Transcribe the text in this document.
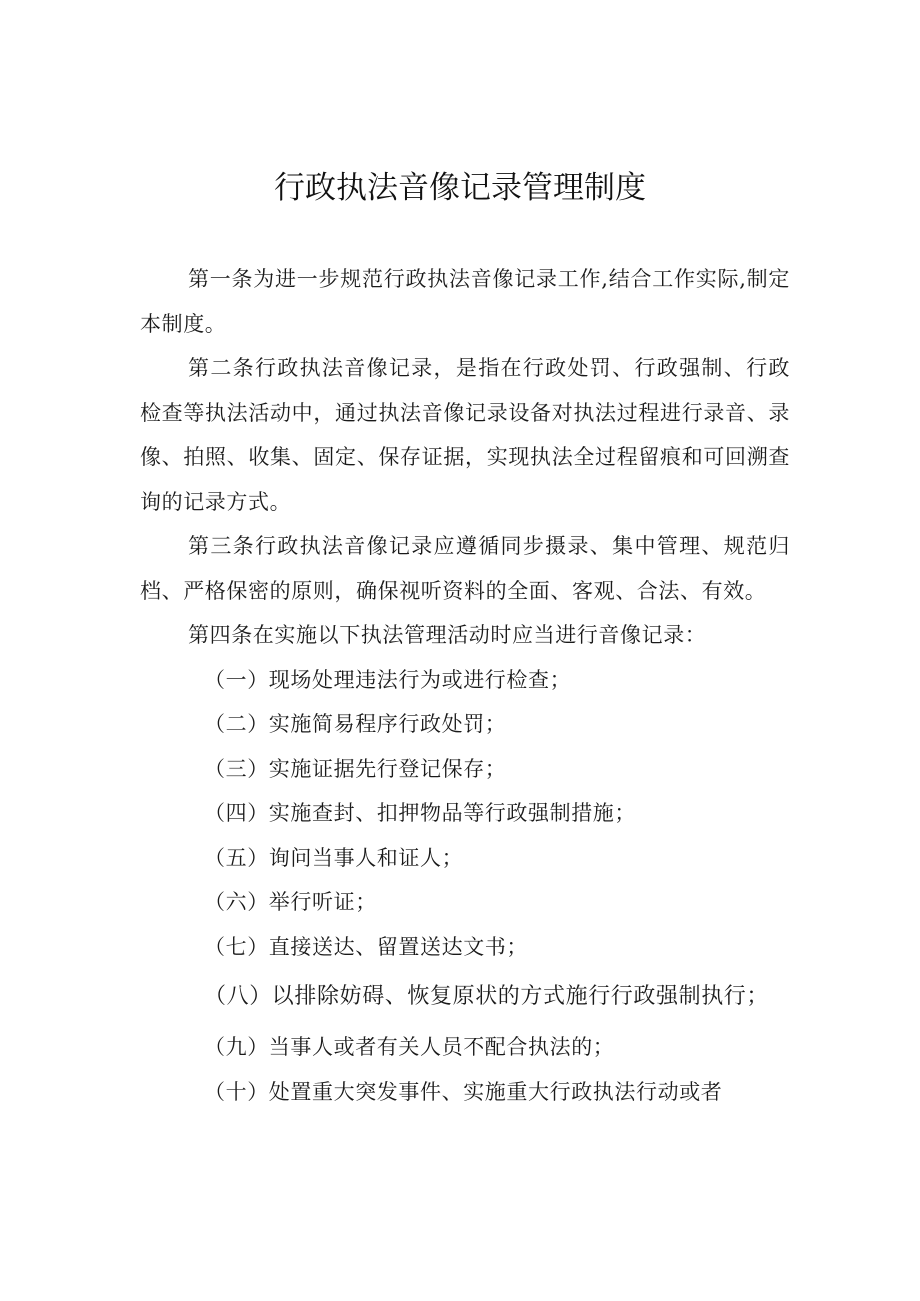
行政执法音像记录管理制度

第一条为进一步规范行政执法音像记录工作,结合工作实际,制定本制度。

第二条行政执法音像记录，是指在行政处罚、行政强制、行政检查等执法活动中，通过执法音像记录设备对执法过程进行录音、录像、拍照、收集、固定、保存证据，实现执法全过程留痕和可回溯查询的记录方式。

第三条行政执法音像记录应遵循同步摄录、集中管理、规范归档、严格保密的原则，确保视听资料的全面、客观、合法、有效。

第四条在实施以下执法管理活动时应当进行音像记录：

（一）现场处理违法行为或进行检查；

（二）实施简易程序行政处罚；

（三）实施证据先行登记保存；

（四）实施查封、扣押物品等行政强制措施；

（五）询问当事人和证人；

（六）举行听证；

（七）直接送达、留置送达文书；

（八）以排除妨碍、恢复原状的方式施行行政强制执行；

（九）当事人或者有关人员不配合执法的；

（十）处置重大突发事件、实施重大行政执法行动或者
